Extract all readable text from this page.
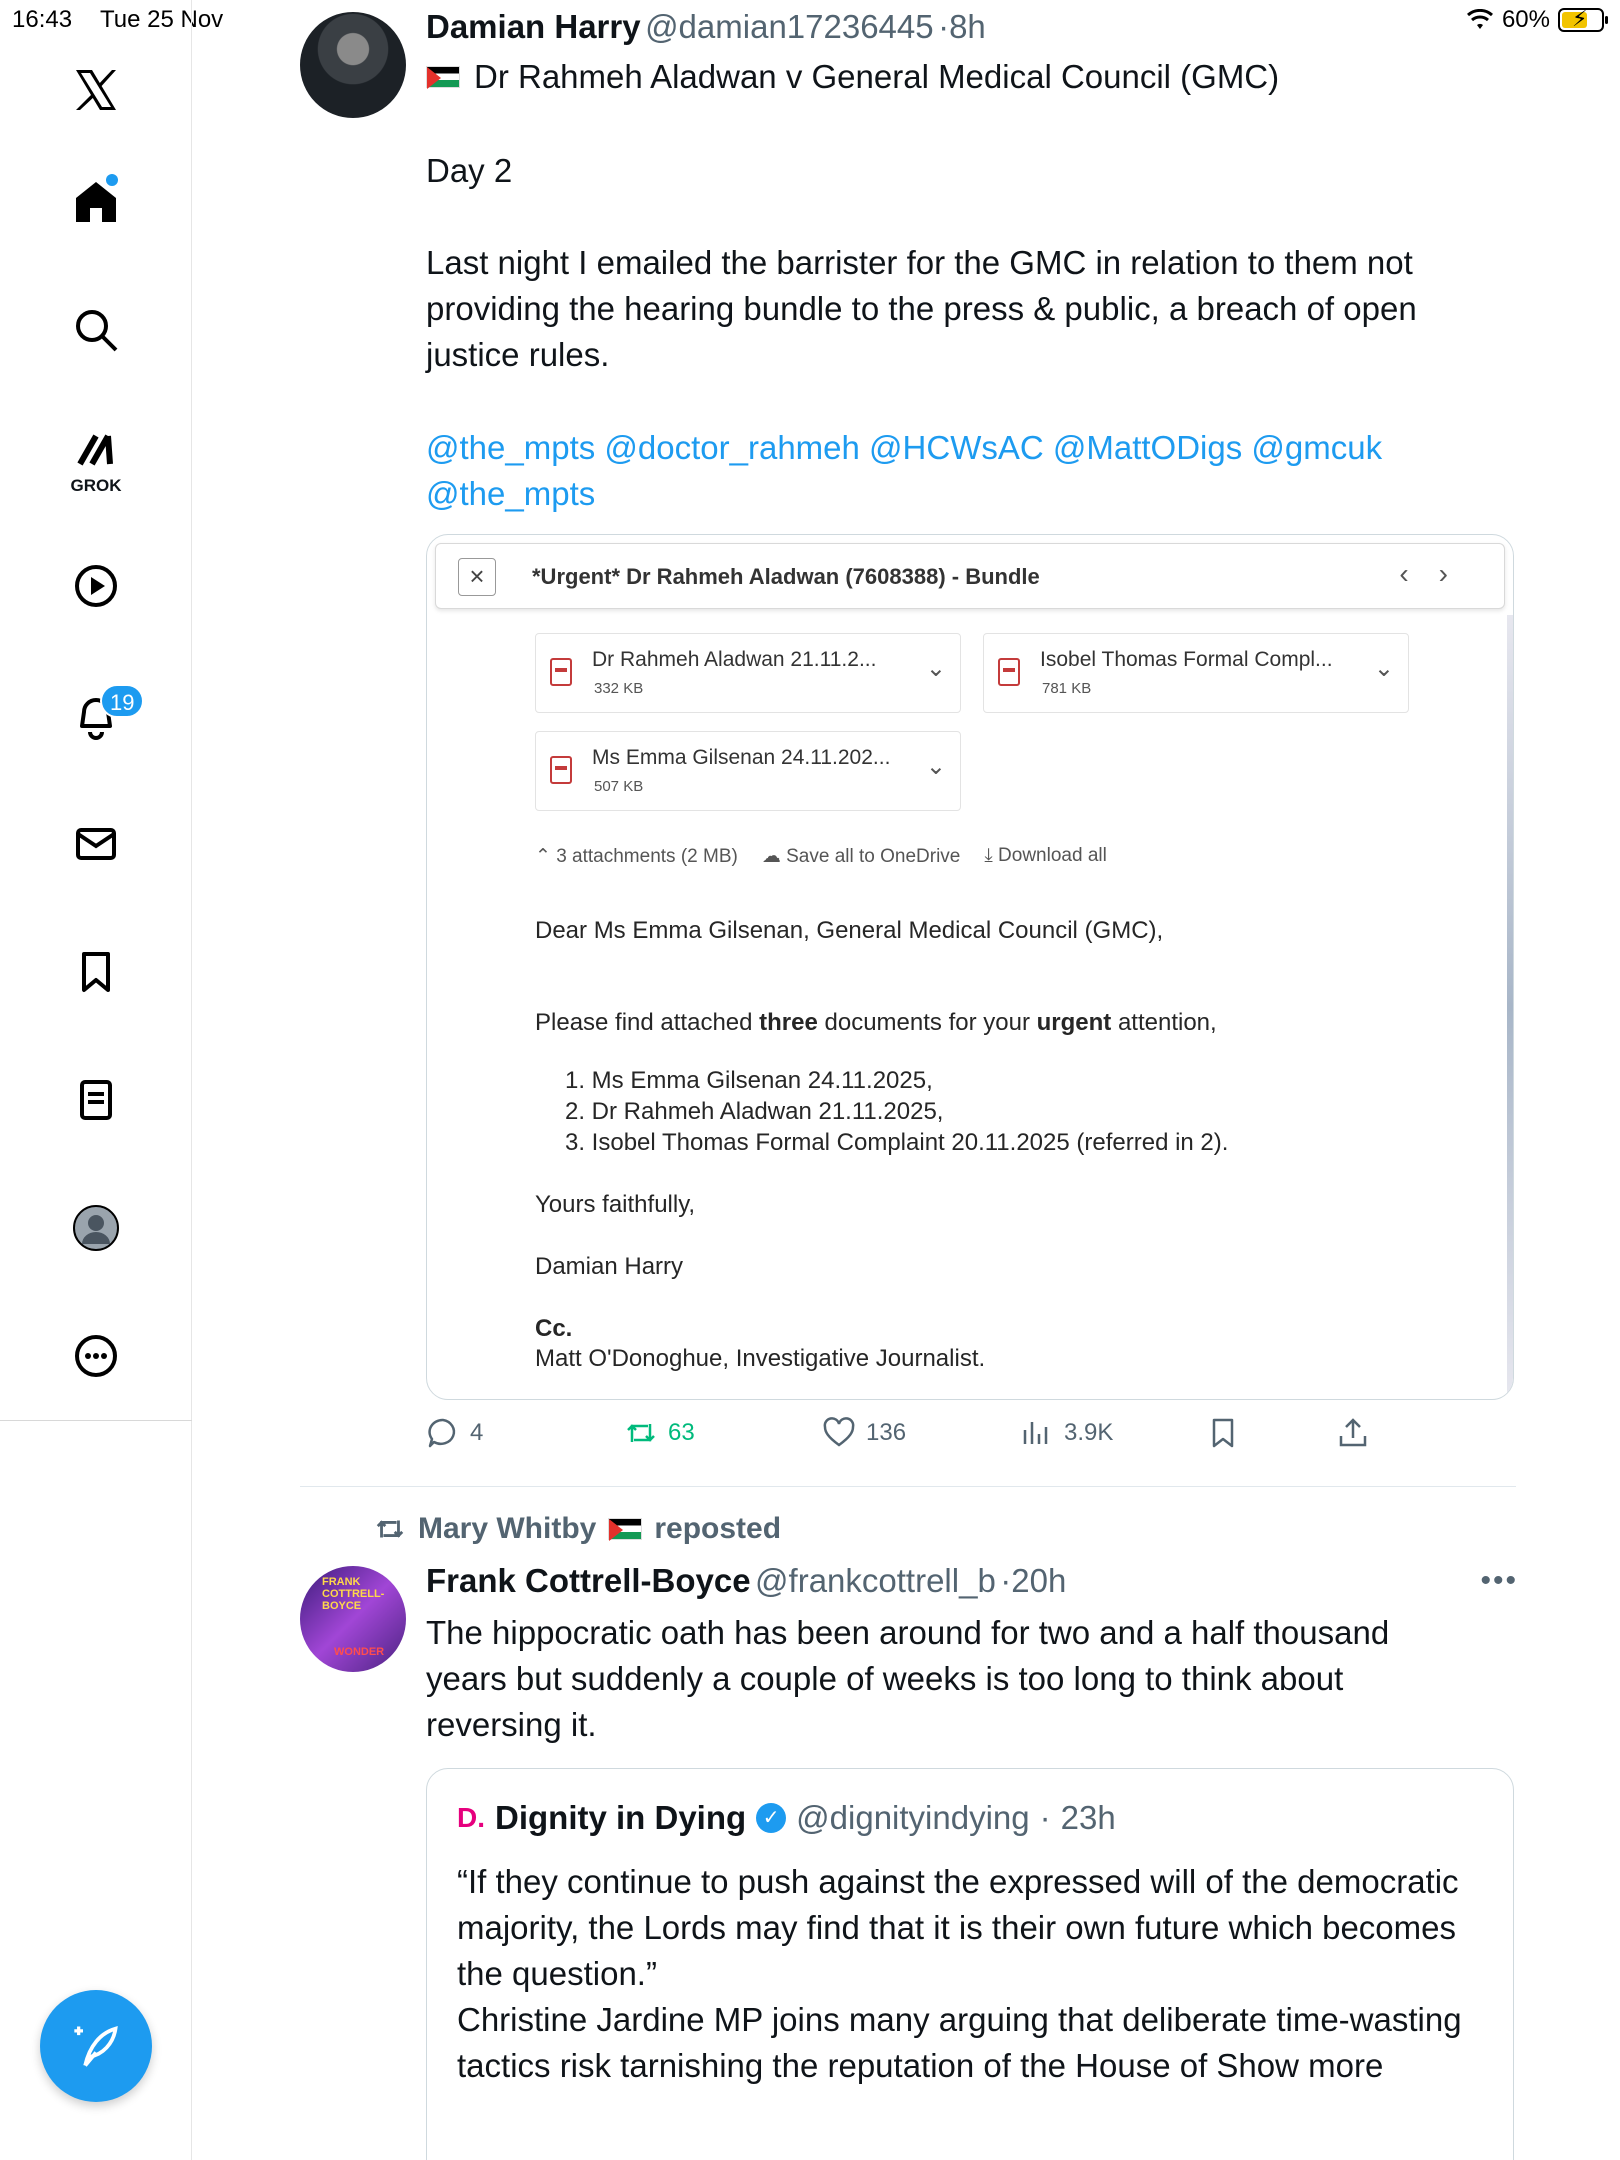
16:43 Tue 25 Nov	60% ⚡
GROK
19
Damian Harry @damian17236445 ·8h
Dr Rahmeh Aladwan v General Medical Council (GMC)
Day 2
Last night I emailed the barrister for the GMC in relation to them not providing the hearing bundle to the press & public, a breach of open justice rules.
@the_mpts @doctor_rahmeh @HCWsAC @MattODigs @gmcuk
@the_mpts
×	*Urgent* Dr Rahmeh Aladwan (7608388) - Bundle	‹›
Dr Rahmeh Aladwan 21.11.2...
332 KB
⌄	Isobel Thomas Formal Compl...
781 KB
⌄
Ms Emma Gilsenan 24.11.202...
507 KB
⌄
⌃ 3 attachments (2 MB) ☁ Save all to OneDrive ⤓ Download all
Dear Ms Emma Gilsenan, General Medical Council (GMC),
Please find attached three documents for your urgent attention,
1. Ms Emma Gilsenan 24.11.2025,
2. Dr Rahmeh Aladwan 21.11.2025,
3. Isobel Thomas Formal Complaint 20.11.2025 (referred in 2).
Yours faithfully,
Damian Harry
Cc.
Matt O'Donoghue, Investigative Journalist.
4	63	136	3.9K
Mary Whitby reposted
FRANK COTTRELL-BOYCE
WONDER
Frank Cottrell-Boyce @frankcottrell_b ·20h	•••
The hippocratic oath has been around for two and a half thousand years but suddenly a couple of weeks is too long to think about reversing it.
D. Dignity in Dying ✓ @dignityindying · 23h
“If they continue to push against the expressed will of the democratic majority, the Lords may find that it is their own future which becomes the question.”
Christine Jardine MP joins many arguing that deliberate time-wasting tactics risk tarnishing the reputation of the House of Show more
